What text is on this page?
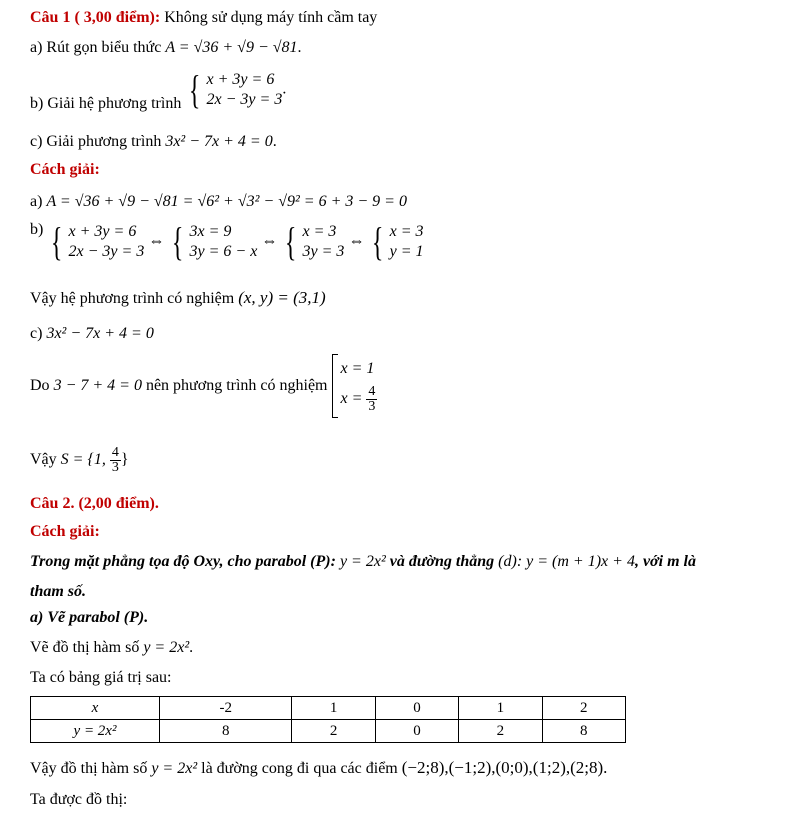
Câu 1 ( 3,00 điểm): Không sử dụng máy tính cầm tay
a) Rút gọn biểu thức A = √36 + √9 − √81.
b) Giải hệ phương trình { x + 3y = 6
2x − 3y = 3
.
c) Giải phương trình 3x² − 7x + 4 = 0.
Cách giải:
a) A = √36 + √9 − √81 = √6² + √3² − √9² = 6 + 3 − 9 = 0
b) { x + 3y = 6
2x − 3y = 3
⇔ { 3x = 9
3y = 6 − x
⇔ { x = 3
3y = 3
⇔ { x = 3
y = 1
Vậy hệ phương trình có nghiệm (x, y) = (3,1)
c) 3x² − 7x + 4 = 0
Do 3 − 7 + 4 = 0 nên phương trình có nghiệm
x = 1
$x = \frac{4}{3}$
Vậy S = {1, $\frac{4}{3}$ }
Câu 2. (2,00 điểm).
Cách giải:
Trong mặt phẳng tọa độ Oxy, cho parabol (P): y = 2x² và đường thẳng (d): y = (m + 1)x + 4, với m là
tham số.
a) Vẽ parabol (P).
Vẽ đồ thị hàm số y = 2x².
Ta có bảng giá trị sau:
x	-2	1	0	1	2
y = 2x²	8	2	0	2	8
Vậy đồ thị hàm số y = 2x² là đường cong đi qua các điểm (−2;8),(−1;2),(0;0),(1;2),(2;8).
Ta được đồ thị:
